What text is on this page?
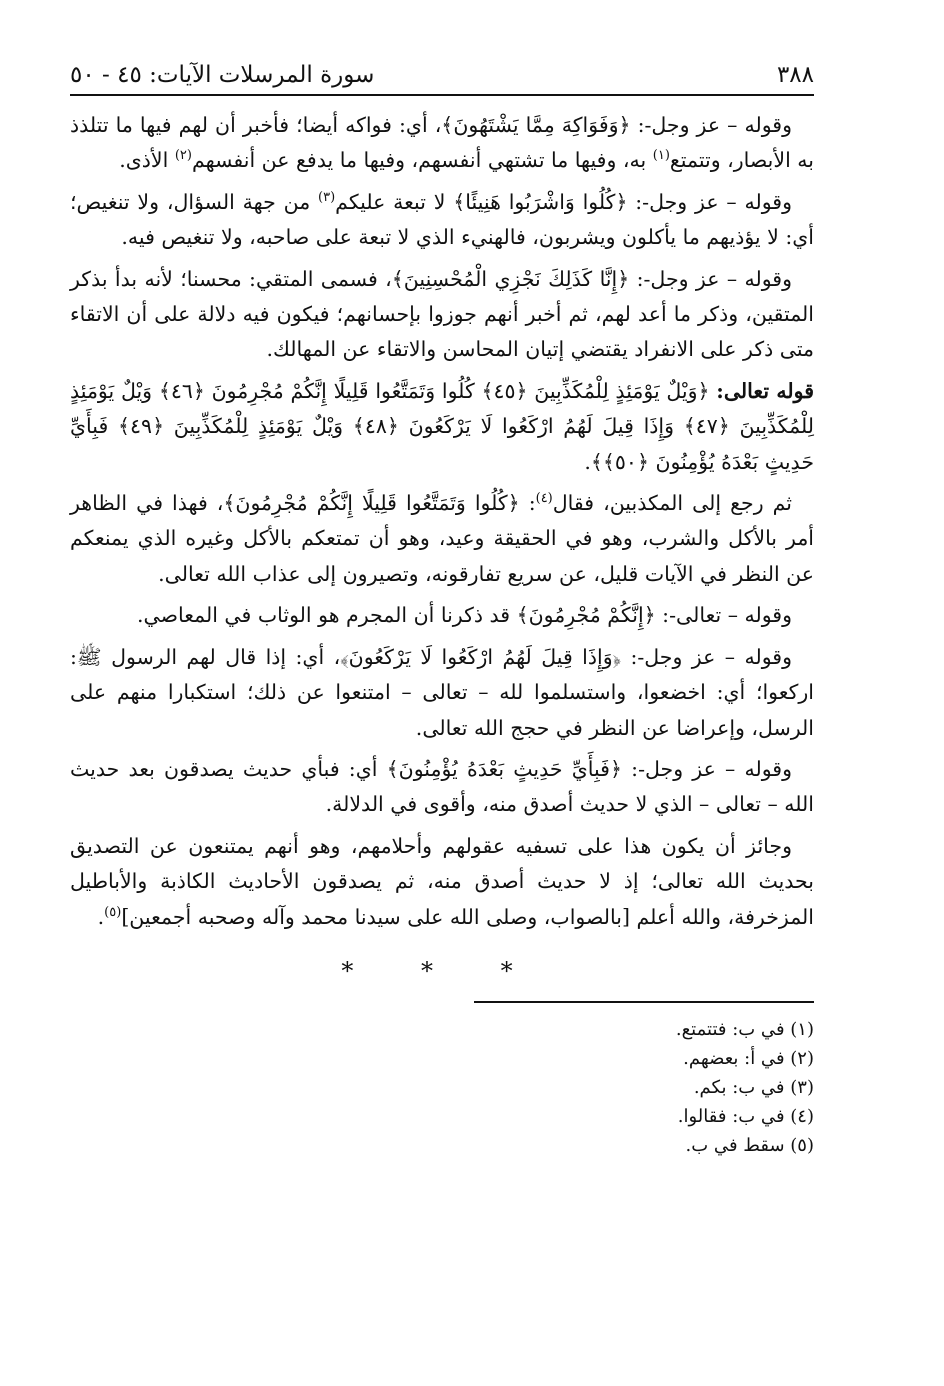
٣٨٨
سورة المرسلات الآيات: ٤٥ - ٥٠

وقوله – عز وجل-: ﴿وَفَوَاكِهَ مِمَّا يَشْتَهُونَ﴾، أي: فواكه أيضا؛ فأخبر أن لهم فيها ما تتلذذ به الأبصار، وتتمتع$^{(١)}$ به، وفيها ما تشتهي أنفسهم، وفيها ما يدفع عن أنفسهم$^{(٢)}$ الأذى.

وقوله – عز وجل-: ﴿كُلُوا وَاشْرَبُوا هَنِيئًا﴾ لا تبعة عليكم$^{(٣)}$ من جهة السؤال، ولا تنغيص؛ أي: لا يؤذيهم ما يأكلون ويشربون، فالهنيء الذي لا تبعة على صاحبه، ولا تنغيص فيه.

وقوله – عز وجل-: ﴿إِنَّا كَذَلِكَ نَجْزِي الْمُحْسِنِينَ﴾، فسمى المتقي: محسنا؛ لأنه بدأ بذكر المتقين، وذكر ما أعد لهم، ثم أخبر أنهم جوزوا بإحسانهم؛ فيكون فيه دلالة على أن الاتقاء متى ذكر على الانفراد يقتضي إتيان المحاسن والاتقاء عن المهالك.

قوله تعالى: ﴿وَيْلٌ يَوْمَئِذٍ لِلْمُكَذِّبِينَ ﴿٤٥﴾ كُلُوا وَتَمَتَّعُوا قَلِيلًا إِنَّكُمْ مُجْرِمُونَ ﴿٤٦﴾ وَيْلٌ يَوْمَئِذٍ لِلْمُكَذِّبِينَ ﴿٤٧﴾ وَإِذَا قِيلَ لَهُمُ ارْكَعُوا لَا يَرْكَعُونَ ﴿٤٨﴾ وَيْلٌ يَوْمَئِذٍ لِلْمُكَذِّبِينَ ﴿٤٩﴾ فَبِأَيِّ حَدِيثٍ بَعْدَهُ يُؤْمِنُونَ ﴿٥٠﴾﴾.

ثم رجع إلى المكذبين، فقال$^{(٤)}$: ﴿كُلُوا وَتَمَتَّعُوا قَلِيلًا إِنَّكُمْ مُجْرِمُونَ﴾، فهذا في الظاهر أمر بالأكل والشرب، وهو في الحقيقة وعيد، وهو أن تمتعكم بالأكل وغيره الذي يمنعكم عن النظر في الآيات قليل، عن سريع تفارقونه، وتصيرون إلى عذاب الله تعالى.

وقوله – تعالى-: ﴿إِنَّكُمْ مُجْرِمُونَ﴾ قد ذكرنا أن المجرم هو الوثاب في المعاصي.

وقوله – عز وجل-: ﴿وَإِذَا قِيلَ لَهُمُ ارْكَعُوا لَا يَرْكَعُونَ﴾، أي: إذا قال لهم الرسول ﷺ: اركعوا؛ أي: اخضعوا، واستسلموا لله – تعالى – امتنعوا عن ذلك؛ استكبارا منهم على الرسل، وإعراضا عن النظر في حجج الله تعالى.

وقوله – عز وجل-: ﴿فَبِأَيِّ حَدِيثٍ بَعْدَهُ يُؤْمِنُونَ﴾ أي: فبأي حديث يصدقون بعد حديث الله – تعالى – الذي لا حديث أصدق منه، وأقوى في الدلالة.

وجائز أن يكون هذا على تسفيه عقولهم وأحلامهم، وهو أنهم يمتنعون عن التصديق بحديث الله تعالى؛ إذ لا حديث أصدق منه، ثم يصدقون الأحاديث الكاذبة والأباطيل المزخرفة، والله أعلم [بالصواب، وصلى الله على سيدنا محمد وآله وصحبه أجمعين]$^{(٥)}$.

* * *
(١) في ب: فتتمتع.
(٢) في أ: بعضهم.
(٣) في ب: بكم.
(٤) في ب: فقالوا.
(٥) سقط في ب.
